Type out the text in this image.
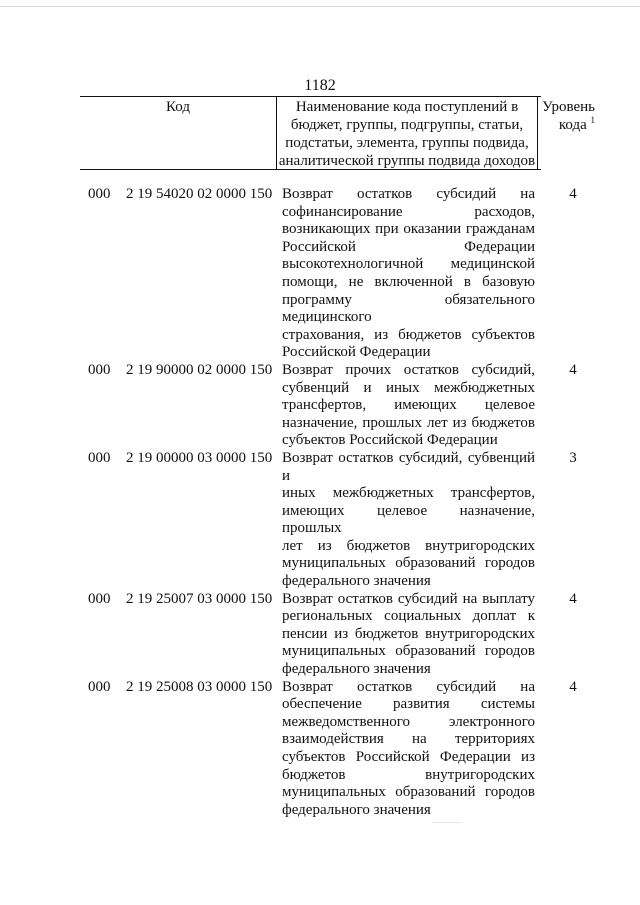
1182
Код	Наименование кода поступлений в
бюджет, группы, подгруппы, статьи,
подстатьи, элемента, группы подвида,
аналитической группы подвида доходов
Уровень
кода $^1$
000 2 19 54020 02 0000 150 Возврат остатков субсидий на
софинансирование расходов,
возникающих при оказании гражданам
Российской Федерации
высокотехнологичной медицинской
помощи, не включенной в базовую
программу обязательного медицинского
страхования, из бюджетов субъектов
Российской Федерации
4
000 2 19 90000 02 0000 150 Возврат прочих остатков субсидий,
субвенций и иных межбюджетных
трансфертов, имеющих целевое
назначение, прошлых лет из бюджетов
субъектов Российской Федерации
4
000 2 19 00000 03 0000 150 Возврат остатков субсидий, субвенций и
иных межбюджетных трансфертов,
имеющих целевое назначение, прошлых
лет из бюджетов внутригородских
муниципальных образований городов
федерального значения
3
000 2 19 25007 03 0000 150 Возврат остатков субсидий на выплату
региональных социальных доплат к
пенсии из бюджетов внутригородских
муниципальных образований городов
федерального значения
4
000 2 19 25008 03 0000 150 Возврат остатков субсидий на
обеспечение развития системы
межведомственного электронного
взаимодействия на территориях
субъектов Российской Федерации из
бюджетов внутригородских
муниципальных образований городов
федерального значения
4
